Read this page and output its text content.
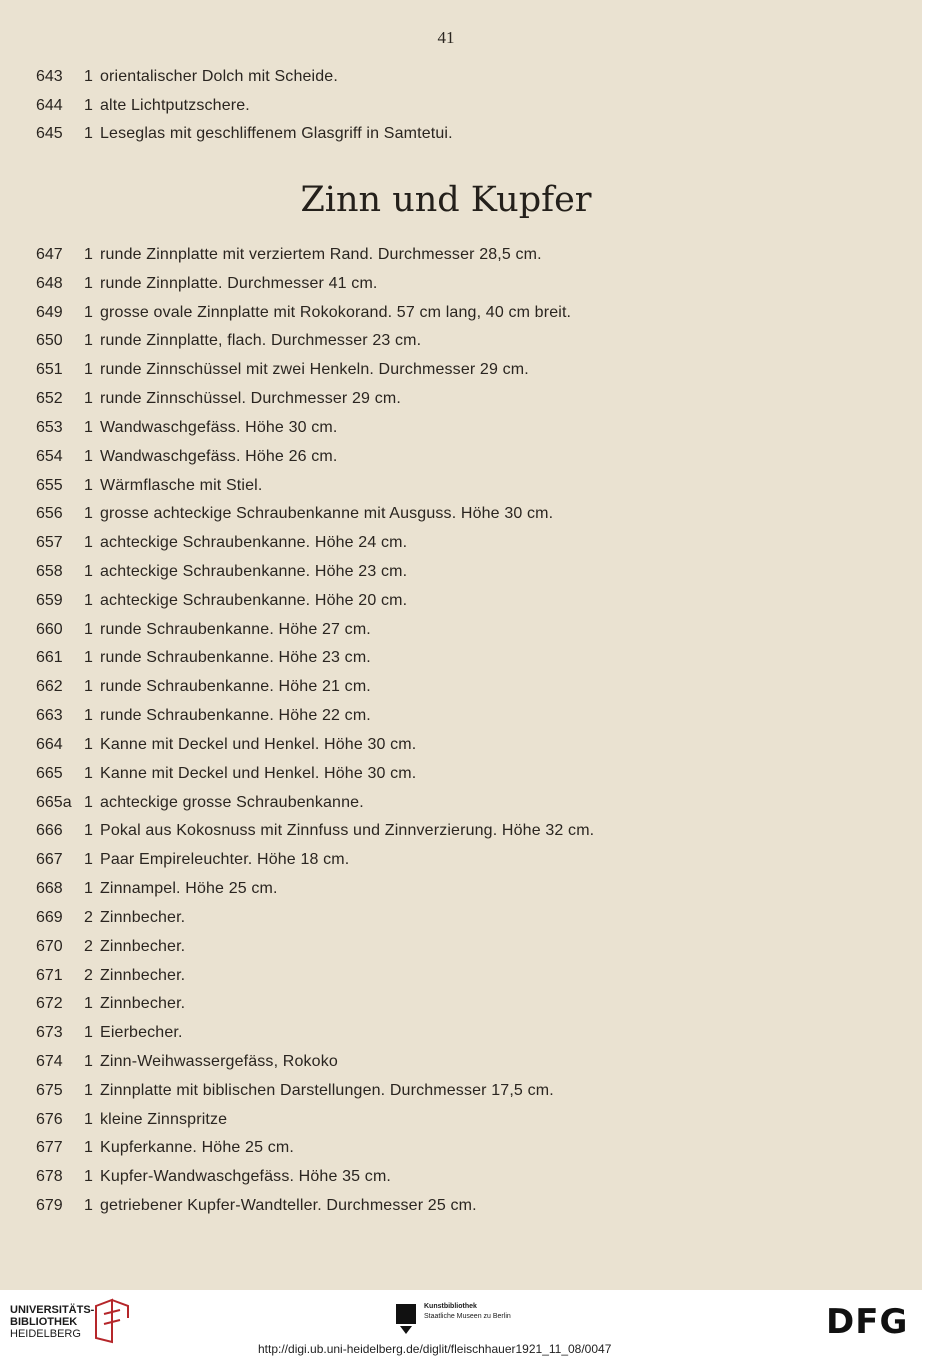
41
643	1 orientalischer Dolch mit Scheide.
644	1 alte Lichtputzschere.
645	1 Leseglas mit geschliffenem Glasgriff in Samtetui.
Zinn und Kupfer
647	1 runde Zinnplatte mit verziertem Rand. Durchmesser 28,5 cm.
648	1 runde Zinnplatte. Durchmesser 41 cm.
649	1 grosse ovale Zinnplatte mit Rokokorand. 57 cm lang, 40 cm breit.
650	1 runde Zinnplatte, flach. Durchmesser 23 cm.
651	1 runde Zinnschüssel mit zwei Henkeln. Durchmesser 29 cm.
652	1 runde Zinnschüssel. Durchmesser 29 cm.
653	1 Wandwaschgefäss. Höhe 30 cm.
654	1 Wandwaschgefäss. Höhe 26 cm.
655	1 Wärmflasche mit Stiel.
656	1 grosse achteckige Schraubenkanne mit Ausguss. Höhe 30 cm.
657	1 achteckige Schraubenkanne. Höhe 24 cm.
658	1 achteckige Schraubenkanne. Höhe 23 cm.
659	1 achteckige Schraubenkanne. Höhe 20 cm.
660	1 runde Schraubenkanne. Höhe 27 cm.
661	1 runde Schraubenkanne. Höhe 23 cm.
662	1 runde Schraubenkanne. Höhe 21 cm.
663	1 runde Schraubenkanne. Höhe 22 cm.
664	1 Kanne mit Deckel und Henkel. Höhe 30 cm.
665	1 Kanne mit Deckel und Henkel. Höhe 30 cm.
665a 1 achteckige grosse Schraubenkanne.
666	1 Pokal aus Kokosnuss mit Zinnfuss und Zinnverzierung. Höhe 32 cm.
667	1 Paar Empireleuchter. Höhe 18 cm.
668	1 Zinnampel. Höhe 25 cm.
669	2 Zinnbecher.
670	2 Zinnbecher.
671	2 Zinnbecher.
672	1 Zinnbecher.
673	1 Eierbecher.
674	1 Zinn-Weihwassergefäss, Rokoko
675	1 Zinnplatte mit biblischen Darstellungen. Durchmesser 17,5 cm.
676	1 kleine Zinnspritze
677	1 Kupferkanne. Höhe 25 cm.
678	1 Kupfer-Wandwaschgefäss. Höhe 35 cm.
679	1 getriebener Kupfer-Wandteller. Durchmesser 25 cm.
UNIVERSITÄTS-
BIBLIOTHEK
HEIDELBERG
Kunstbibliothek
Staatliche Museen zu Berlin	DFG
http://digi.ub.uni-heidelberg.de/diglit/fleischhauer1921_11_08/0047
